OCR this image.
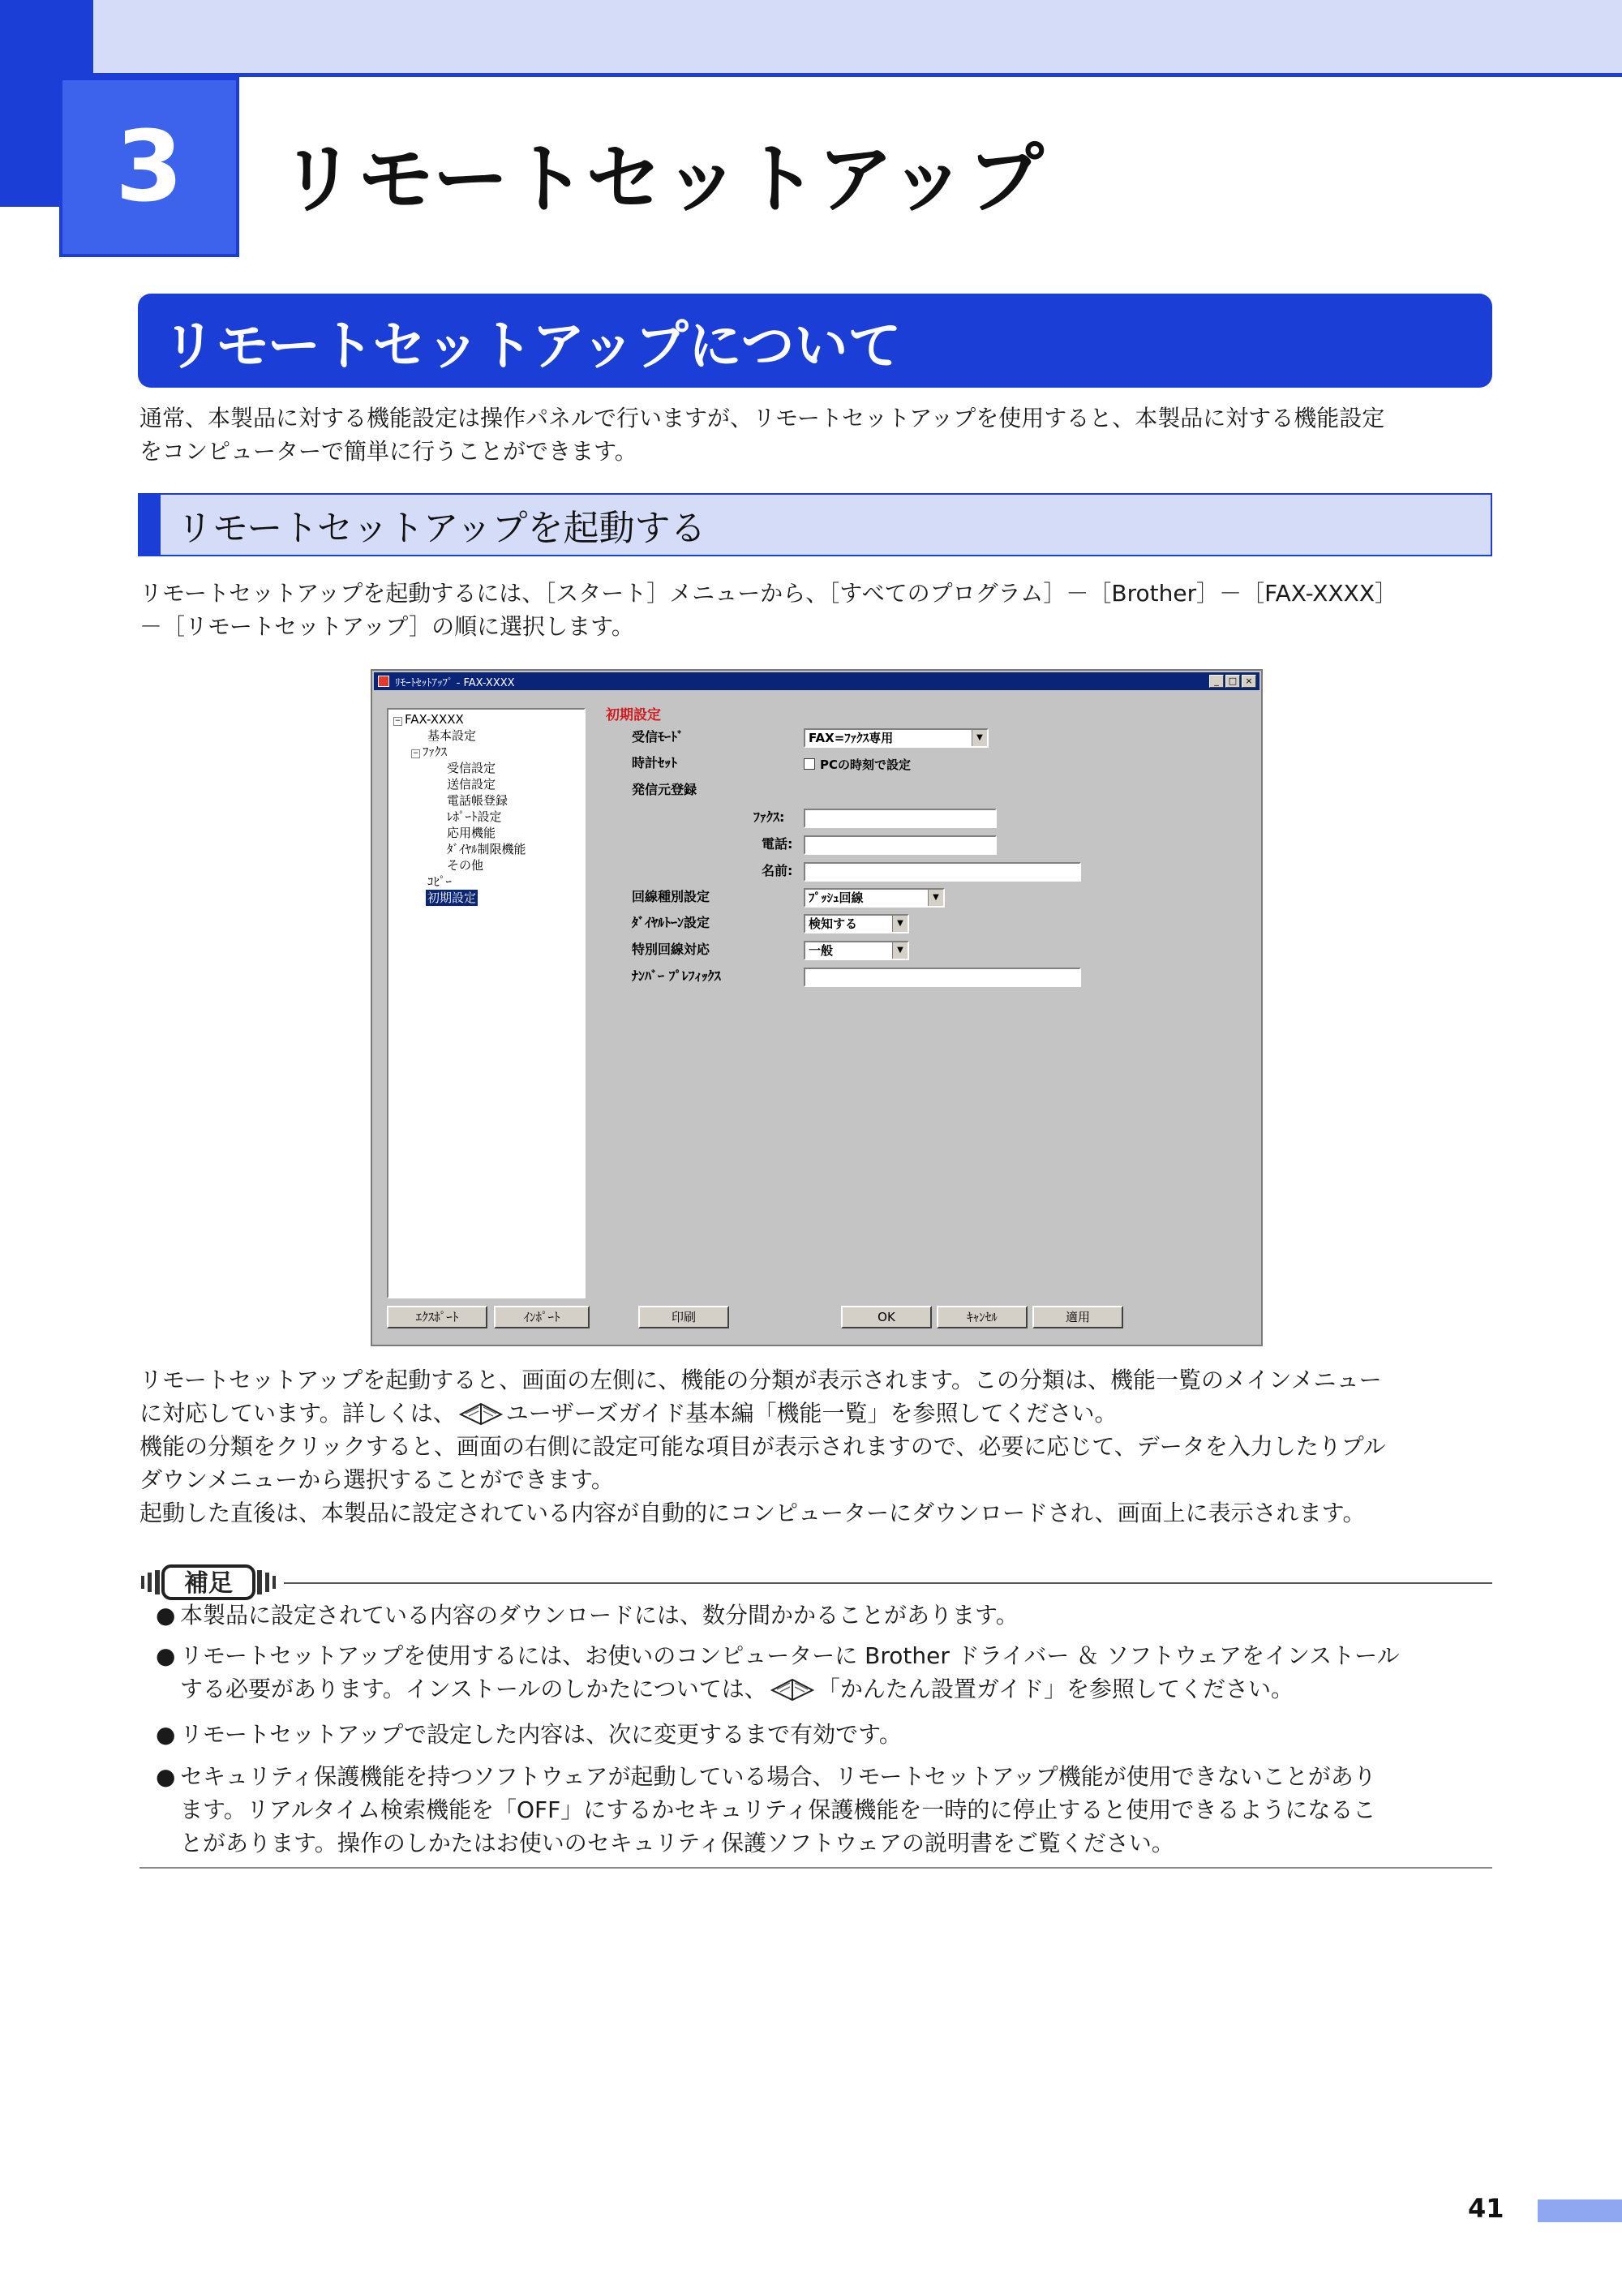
3	リモートセットアップ
リモートセットアップについて
通常、本製品に対する機能設定は操作パネルで行いますが、リモートセットアップを使用すると、本製品に対する機能設定
をコンピューターで簡単に行うことができます。
リモートセットアップを起動する
リモートセットアップを起動するには、［スタート］メニューから、［すべてのプログラム］－［Brother］－［FAX-XXXX］
－［リモートセットアップ］の順に選択します。
ﾘﾓｰﾄｾｯﾄｱｯﾌﾟ - FAX-XXXX	_	□ ×
− FAX-XXXX
基本設定
− ﾌｧｸｽ
受信設定
送信設定
電話帳登録
ﾚﾎﾟｰﾄ設定
応用機能
ﾀﾞｲﾔﾙ制限機能
その他
ｺﾋﾟｰ
初期設定
初期設定
受信ﾓｰﾄﾞ	FAX=ﾌｧｸｽ専用	▼
時計ｾｯﾄ	PCの時刻で設定
発信元登録
ﾌｧｸｽ:
電話:
名前:
回線種別設定	ﾌﾟｯｼｭ回線	▼
ﾀﾞｲﾔﾙﾄｰﾝ設定	検知する	▼
特別回線対応	一般	▼
ﾅﾝﾊﾞｰ ﾌﾟﾚﾌｨｯｸｽ
ｴｸｽﾎﾟｰﾄ	ｲﾝﾎﾟｰﾄ	印刷	OK	ｷｬﾝｾﾙ	適用
リモートセットアップを起動すると、画面の左側に、機能の分類が表示されます。この分類は、機能一覧のメインメニュー
に対応しています。詳しくは、 ユーザーズガイド基本編「機能一覧」を参照してください。
機能の分類をクリックすると、画面の右側に設定可能な項目が表示されますので、必要に応じて、データを入力したりプル
ダウンメニューから選択することができます。
起動した直後は、本製品に設定されている内容が自動的にコンピューターにダウンロードされ、画面上に表示されます。
補足
● 本製品に設定されている内容のダウンロードには、数分間かかることがあります。
● リモートセットアップを使用するには、お使いのコンピューターに Brother ドライバー ＆ ソフトウェアをインストール
する必要があります。インストールのしかたについては、 「かんたん設置ガイド」を参照してください。
● リモートセットアップで設定した内容は、次に変更するまで有効です。
● セキュリティ保護機能を持つソフトウェアが起動している場合、リモートセットアップ機能が使用できないことがあり
ます。リアルタイム検索機能を「OFF」にするかセキュリティ保護機能を一時的に停止すると使用できるようになるこ
とがあります。操作のしかたはお使いのセキュリティ保護ソフトウェアの説明書をご覧ください。
41
